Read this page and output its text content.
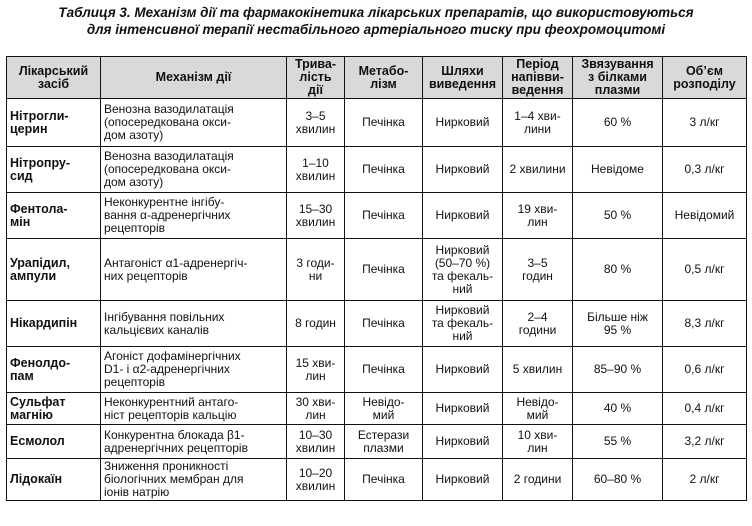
Таблиця 3. Механізм дії та фармакокінетика лікарських препаратів, що використовуються
для інтенсивної терапії нестабільного артеріального тиску при феохромоцитомі
Лікарський
засіб	Механізм дії	Трива-
лість
дії	Метабо-
лізм	Шляхи
виведення	Період
напівви-
ведення	Звязування
з білками
плазми	Об’єм
розподілу

Нітрогли-
церин	Венозна вазодилатація
(опосередкована окси-
дом азоту)	3–5
хвилин	Печінка	Нирковий	1–4 хви-
лини	60 %	3 л/кг

Нітропру-
сид	Венозна вазодилатація
(опосередкована окси-
дом азоту)	1–10
хвилин	Печінка	Нирковий	2 хвилини	Невідоме	0,3 л/кг

Фентола-
мін	Неконкурентне інгібу-
вання α-адренергічних
рецепторів	15–30
хвилин	Печінка	Нирковий	19 хви-
лин	50 %	Невідомий

Урапідил,
ампули	Антагоніст α1-адренергіч-
них рецепторів	3 годи-
ни	Печінка	Нирковий
(50–70 %)
та фекаль-
ний	3–5
годин	80 %	0,5 л/кг

Нікардипін	Інгібування повільних
кальцієвих каналів	8 годин	Печінка	Нирковий
та фекаль-
ний	2–4
години	Більше ніж
95 %	8,3 л/кг

Фенолдо-
пам	Агоніст дофамінергічних
D1- і α2-адренергічних
рецепторів	15 хви-
лин	Печінка	Нирковий	5 хвилин	85–90 %	0,6 л/кг

Сульфат
магнію	Неконкурентний антаго-
ніст рецепторів кальцію	30 хви-
лин	Невідо-
мий	Нирковий	Невідо-
мий	40 %	0,4 л/кг

Есмолол	Конкурентна блокада β1-
адренергічних рецепторів	10–30
хвилин	Естерази
плазми	Нирковий	10 хви-
лин	55 %	3,2 л/кг

Лідокаїн	Зниження проникності
біологічних мембран для
іонів натрію	10–20
хвилин	Печінка	Нирковий	2 години	60–80 %	2 л/кг
